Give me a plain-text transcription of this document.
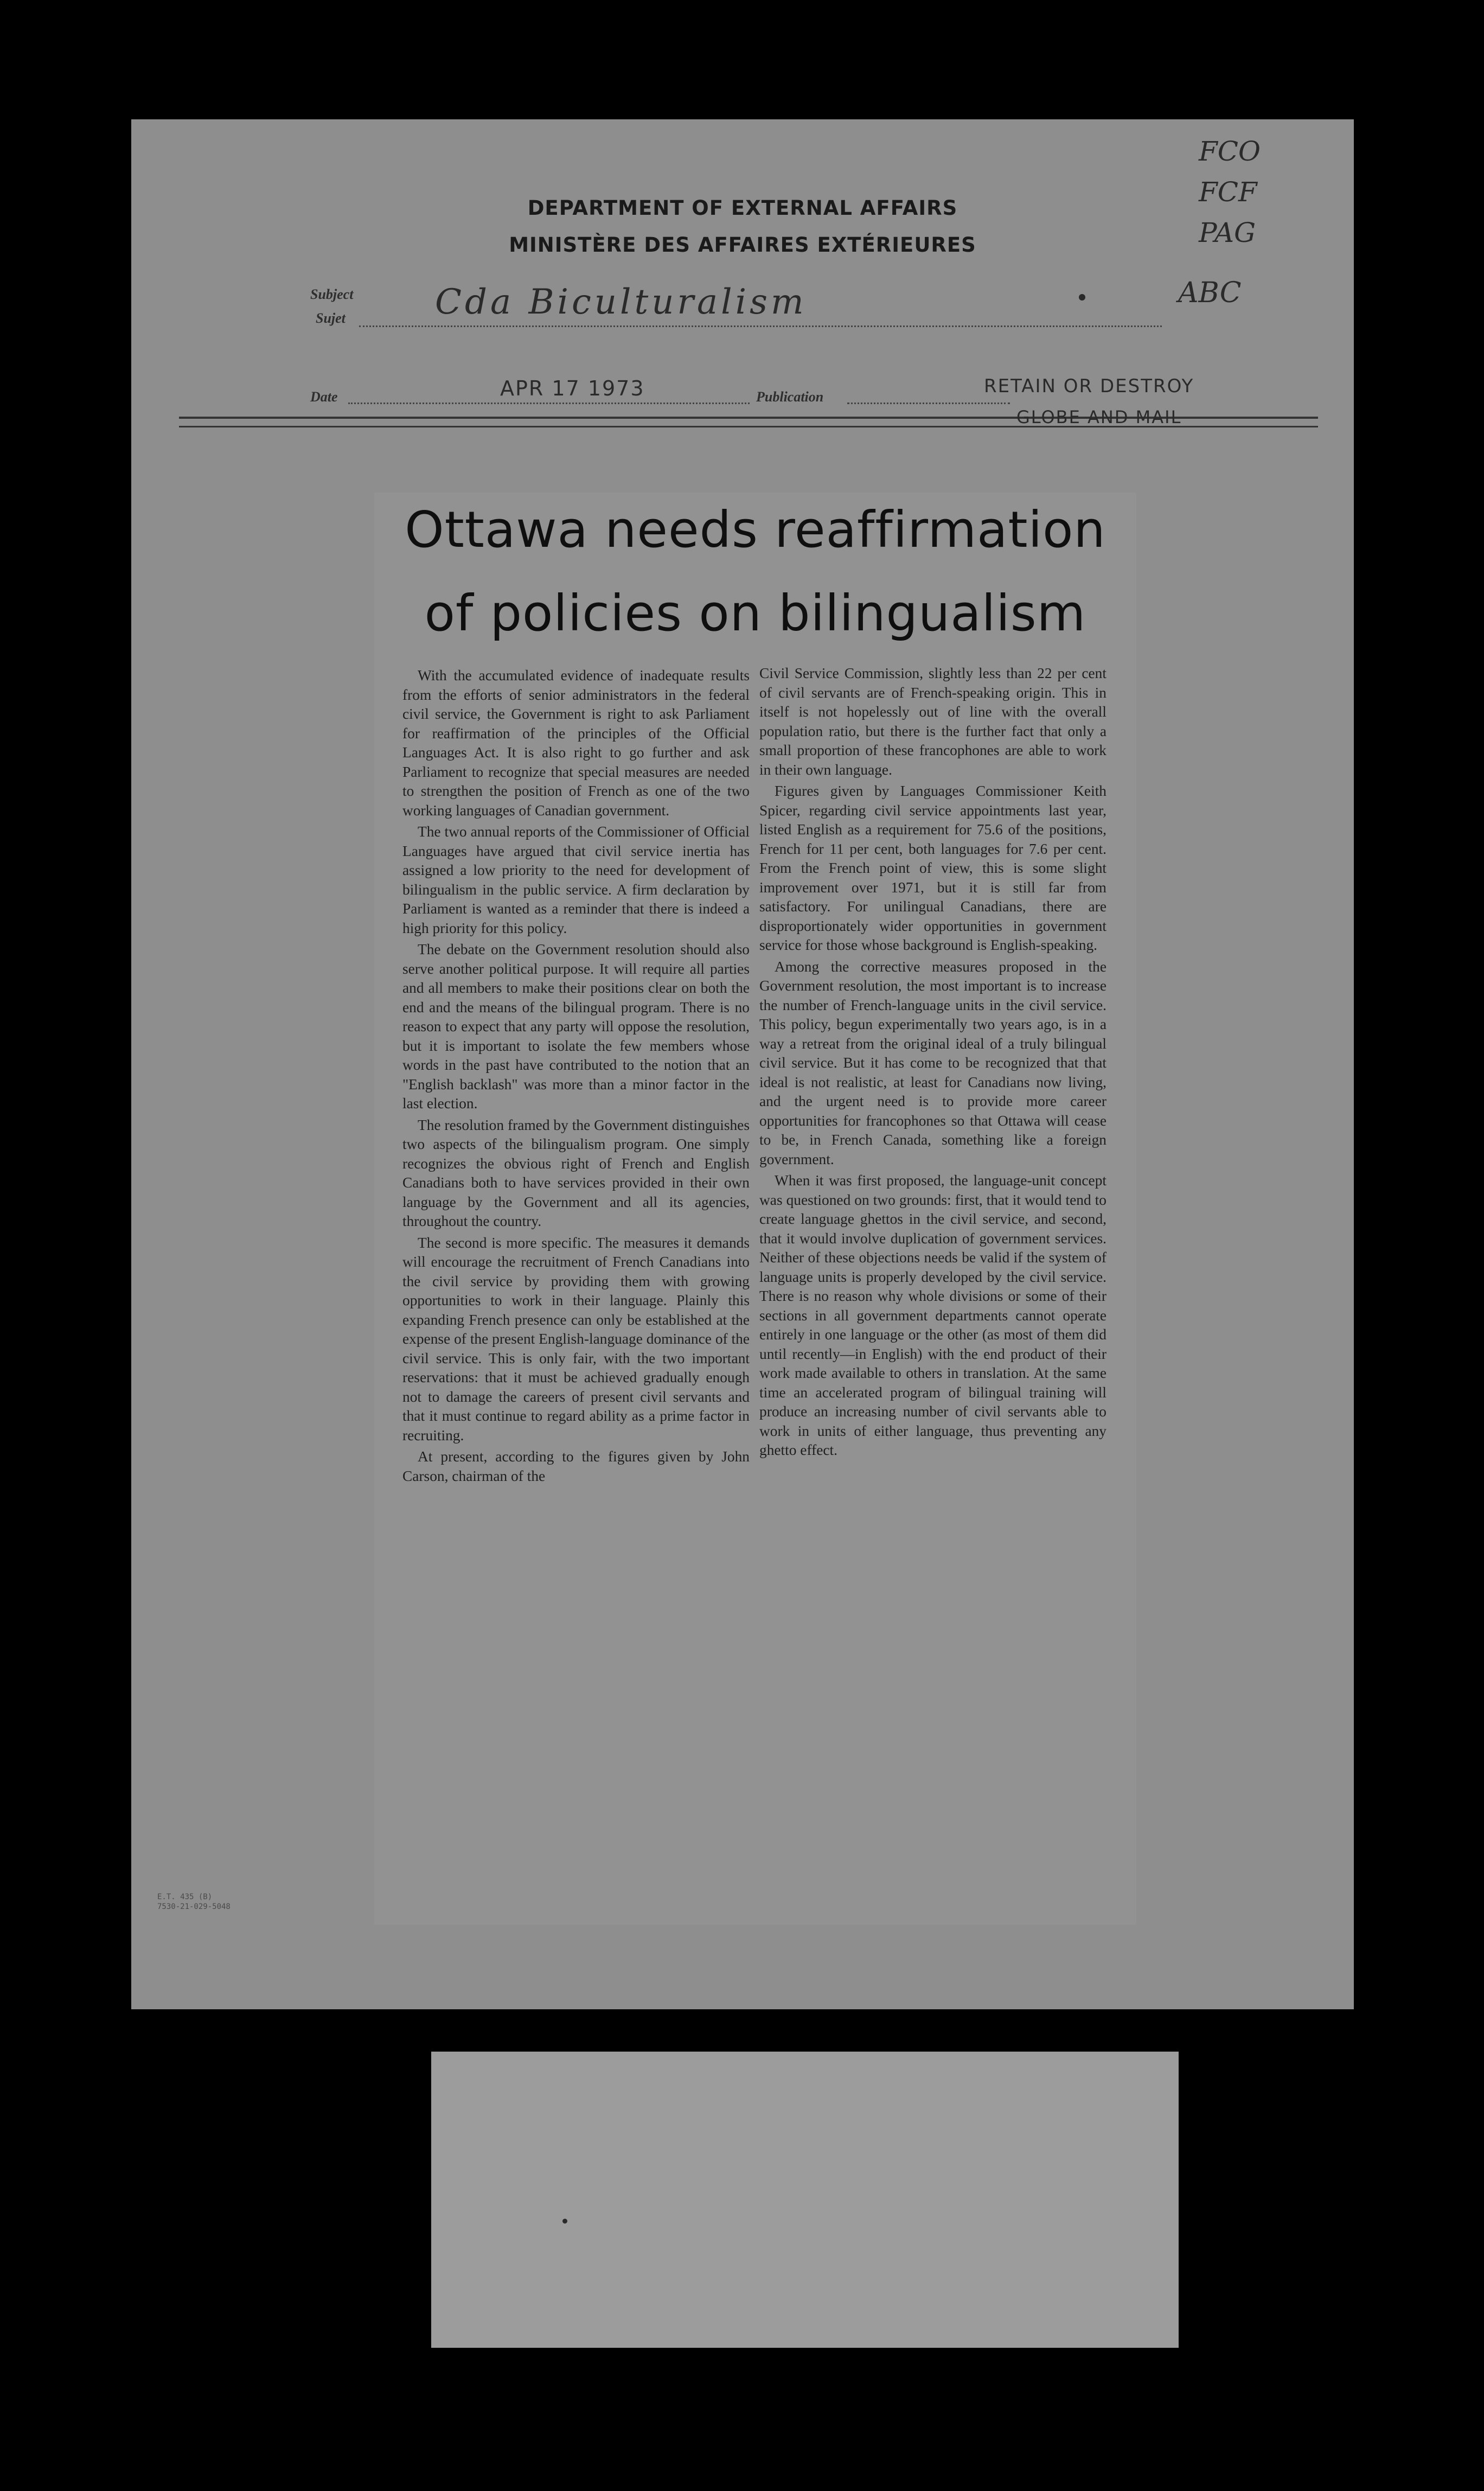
DEPARTMENT OF EXTERNAL AFFAIRS
MINISTÈRE DES AFFAIRES EXTÉRIEURES
FCO
FCF
PAG
ABC
Subject
Sujet	Cda Biculturalism
Date	APR 17 1973	Publication	RETAIN OR DESTROY
GLOBE AND MAIL
Ottawa needs reaffirmation
of policies on bilingualism

With the accumulated evidence of inadequate results from the efforts of senior administrators in the federal civil service, the Government is right to ask Parliament for reaffirmation of the principles of the Official Languages Act. It is also right to go further and ask Parliament to recognize that special measures are needed to strengthen the position of French as one of the two working languages of Canadian government.

The two annual reports of the Commissioner of Official Languages have argued that civil service inertia has assigned a low priority to the need for development of bilingualism in the public service. A firm declaration by Parliament is wanted as a reminder that there is indeed a high priority for this policy.

The debate on the Government resolution should also serve another political purpose. It will require all parties and all members to make their positions clear on both the end and the means of the bilingual program. There is no reason to expect that any party will oppose the resolution, but it is important to isolate the few members whose words in the past have contributed to the notion that an "English backlash" was more than a minor factor in the last election.

The resolution framed by the Government distinguishes two aspects of the bilingualism program. One simply recognizes the obvious right of French and English Canadians both to have services provided in their own language by the Government and all its agencies, throughout the country.

The second is more specific. The measures it demands will encourage the recruitment of French Canadians into the civil service by providing them with growing opportunities to work in their language. Plainly this expanding French presence can only be established at the expense of the present English-language dominance of the civil service. This is only fair, with the two important reservations: that it must be achieved gradually enough not to damage the careers of present civil servants and that it must continue to regard ability as a prime factor in recruiting.

At present, according to the figures given by John Carson, chairman of the

Civil Service Commission, slightly less than 22 per cent of civil servants are of French-speaking origin. This in itself is not hopelessly out of line with the overall population ratio, but there is the further fact that only a small proportion of these francophones are able to work in their own language.

Figures given by Languages Commissioner Keith Spicer, regarding civil service appointments last year, listed English as a requirement for 75.6 of the positions, French for 11 per cent, both languages for 7.6 per cent. From the French point of view, this is some slight improvement over 1971, but it is still far from satisfactory. For unilingual Canadians, there are disproportionately wider opportunities in government service for those whose background is English-speaking.

Among the corrective measures proposed in the Government resolution, the most important is to increase the number of French-language units in the civil service. This policy, begun experimentally two years ago, is in a way a retreat from the original ideal of a truly bilingual civil service. But it has come to be recognized that that ideal is not realistic, at least for Canadians now living, and the urgent need is to provide more career opportunities for francophones so that Ottawa will cease to be, in French Canada, something like a foreign government.

When it was first proposed, the language-unit concept was questioned on two grounds: first, that it would tend to create language ghettos in the civil service, and second, that it would involve duplication of government services. Neither of these objections needs be valid if the system of language units is properly developed by the civil service. There is no reason why whole divisions or some of their sections in all government departments cannot operate entirely in one language or the other (as most of them did until recently—in English) with the end product of their work made available to others in translation. At the same time an accelerated program of bilingual training will produce an increasing number of civil servants able to work in units of either language, thus preventing any ghetto effect.

E.T. 435 (B)
7530-21-029-5048
